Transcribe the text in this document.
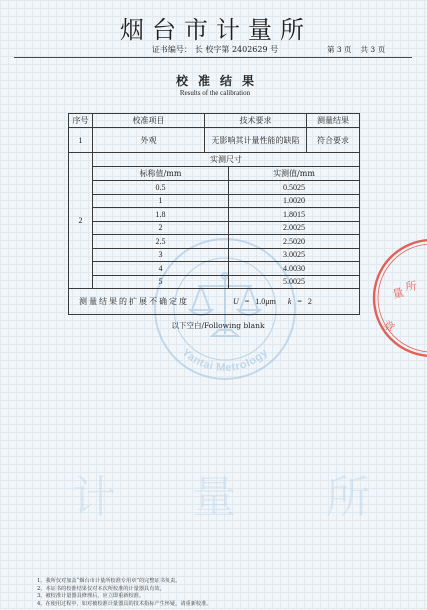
计 量 所
Yantai Metrology
量 所
章
烟台市计量所
证书编号： 长 校字第 2402629 号	第 3 页 共 3 页
校准结果
Results of the calibration
序号	校准项目	技术要求		测量结果
1	外观	无影响其计量性能的缺陷		符合要求
2	实测尺寸			
	标称值/mm		实测值/mm	
	0.5		0.5025	
	1		1.0020	
	1.8		1.8015	
	2		2.0025	
	2.5		2.5020	
	3		3.0025	
	4		4.0030	
	5		5.0025	
测量结果的扩展不确定度 U = 1.0μm k = 2				
以下空白/Following blank
1、我所仅对加盖“烟台市计量所校准专用章”的完整证书负责。
2、本证书的校准结果仅对本次所校准的计量器具有效。
3、被校准计量器具修理后，应立即重新校准。
4、在使用过程中，如对被校准计量器具的技术指标产生怀疑，请重新校准。
